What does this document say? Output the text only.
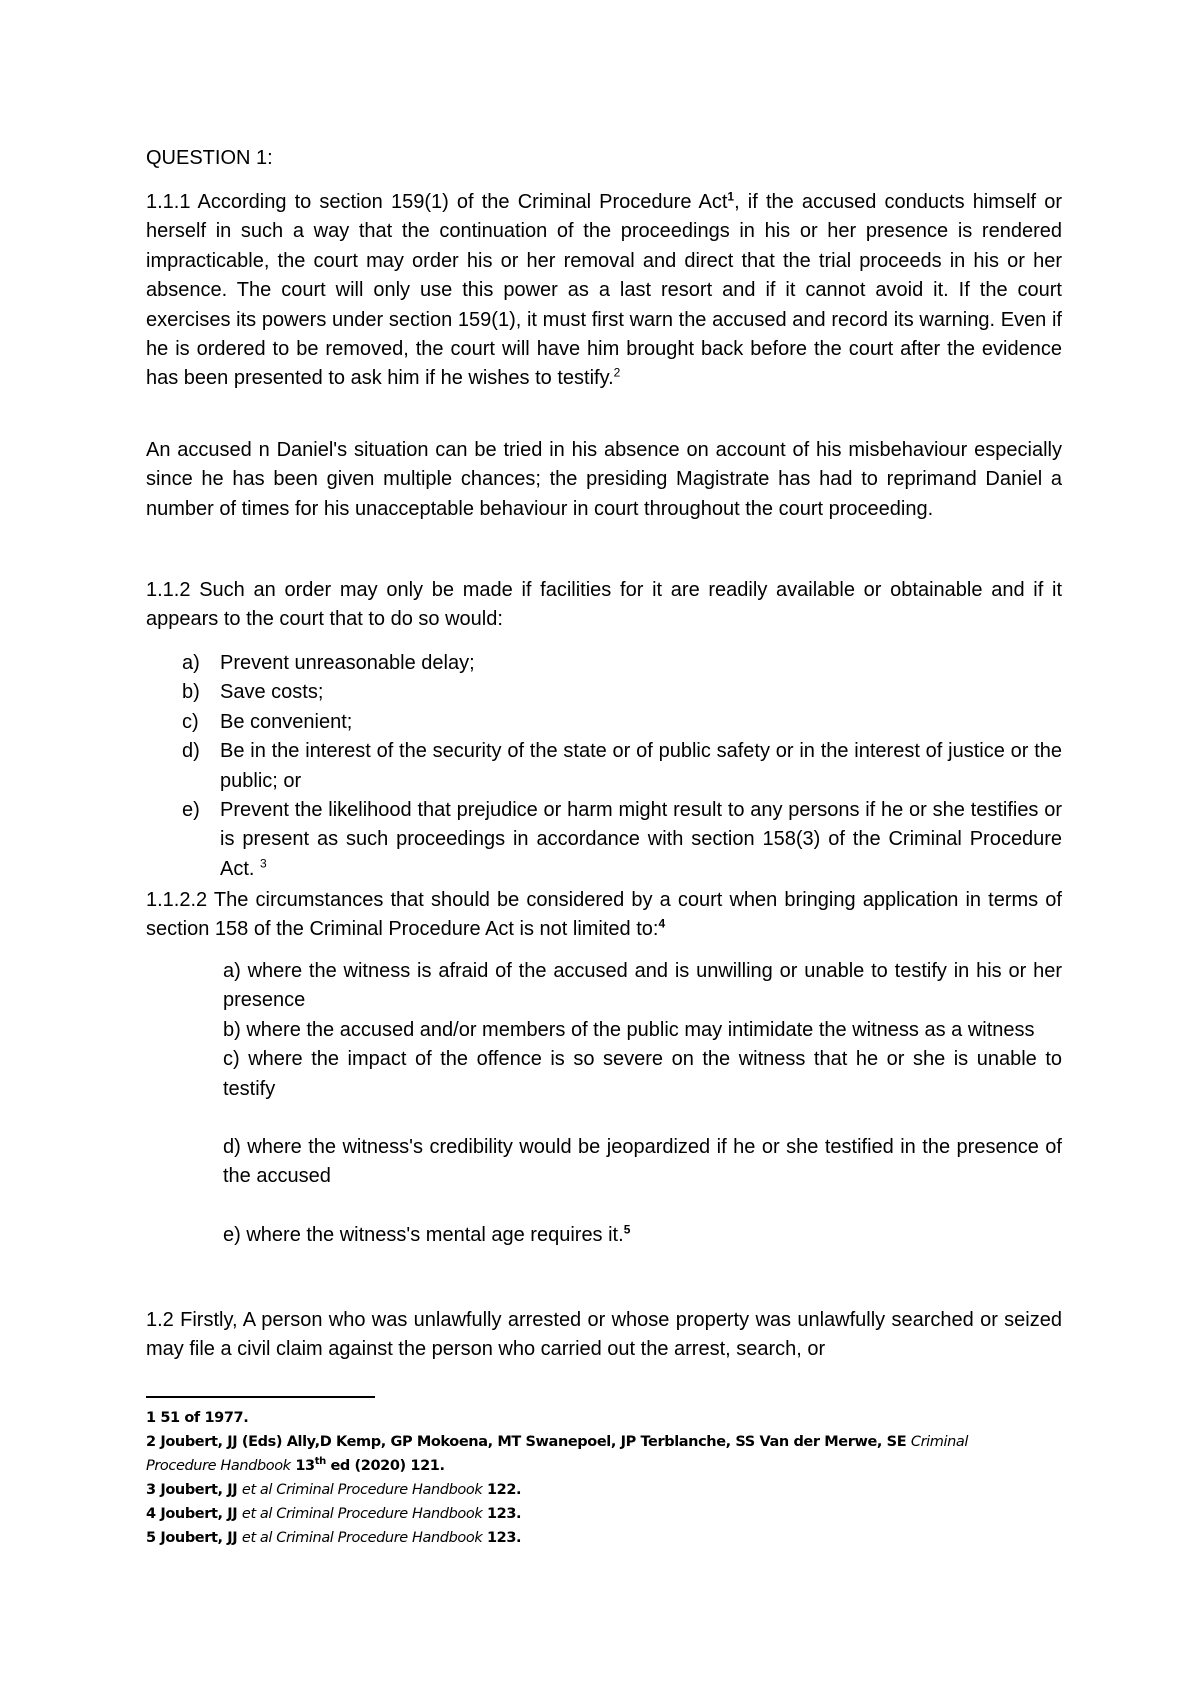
QUESTION 1:
1.1.1 According to section 159(1) of the Criminal Procedure Act$^1$, if the accused conducts himself or herself in such a way that the continuation of the proceedings in his or her presence is rendered impracticable, the court may order his or her removal and direct that the trial proceeds in his or her absence. The court will only use this power as a last resort and if it cannot avoid it. If the court exercises its powers under section 159(1), it must first warn the accused and record its warning. Even if he is ordered to be removed, the court will have him brought back before the court after the evidence has been presented to ask him if he wishes to testify.$^2$
An accused n Daniel's situation can be tried in his absence on account of his misbehaviour especially since he has been given multiple chances; the presiding Magistrate has had to reprimand Daniel a number of times for his unacceptable behaviour in court throughout the court proceeding.
1.1.2 Such an order may only be made if facilities for it are readily available or obtainable and if it appears to the court that to do so would:
a) Prevent unreasonable delay;
b) Save costs;
c) Be convenient;
d) Be in the interest of the security of the state or of public safety or in the interest of justice or the public; or
e) Prevent the likelihood that prejudice or harm might result to any persons if he or she testifies or is present as such proceedings in accordance with section 158(3) of the Criminal Procedure Act. $^3$
1.1.2.2 The circumstances that should be considered by a court when bringing application in terms of section 158 of the Criminal Procedure Act is not limited to:$^4$

a) where the witness is afraid of the accused and is unwilling or unable to testify in his or her presence

b) where the accused and/or members of the public may intimidate the witness as a witness

c) where the impact of the offence is so severe on the witness that he or she is unable to testify

d) where the witness's credibility would be jeopardized if he or she testified in the presence of the accused

e) where the witness's mental age requires it.$^5$

1.2 Firstly, A person who was unlawfully arrested or whose property was unlawfully searched or seized may file a civil claim against the person who carried out the arrest, search, or
1 51 of 1977.
2 Joubert, JJ (Eds) Ally,D Kemp, GP Mokoena, MT Swanepoel, JP Terblanche, SS Van der Merwe, SE Criminal
Procedure Handbook 13th ed (2020) 121.
3 Joubert, JJ et al Criminal Procedure Handbook 122.
4 Joubert, JJ et al Criminal Procedure Handbook 123.
5 Joubert, JJ et al Criminal Procedure Handbook 123.
